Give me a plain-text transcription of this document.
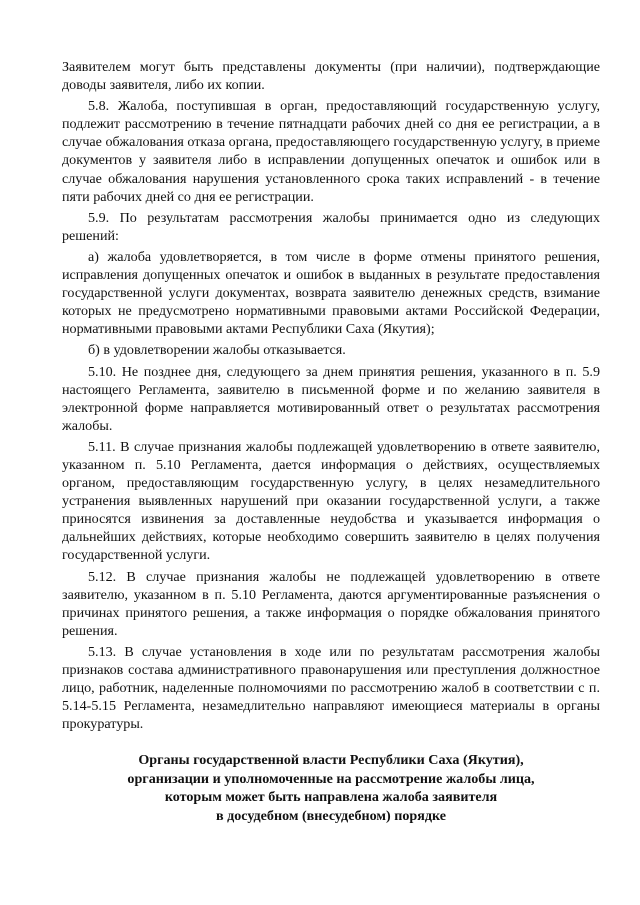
Заявителем могут быть представлены документы (при наличии), подтверждающие доводы заявителя, либо их копии.

5.8. Жалоба, поступившая в орган, предоставляющий государственную услугу, подлежит рассмотрению в течение пятнадцати рабочих дней со дня ее регистрации, а в случае обжалования отказа органа, предоставляющего государственную услугу, в приеме документов у заявителя либо в исправлении допущенных опечаток и ошибок или в случае обжалования нарушения установленного срока таких исправлений - в течение пяти рабочих дней со дня ее регистрации.

5.9. По результатам рассмотрения жалобы принимается одно из следующих решений:

а) жалоба удовлетворяется, в том числе в форме отмены принятого решения, исправления допущенных опечаток и ошибок в выданных в результате предоставления государственной услуги документах, возврата заявителю денежных средств, взимание которых не предусмотрено нормативными правовыми актами Российской Федерации, нормативными правовыми актами Республики Саха (Якутия);

б) в удовлетворении жалобы отказывается.

5.10. Не позднее дня, следующего за днем принятия решения, указанного в п. 5.9 настоящего Регламента, заявителю в письменной форме и по желанию заявителя в электронной форме направляется мотивированный ответ о результатах рассмотрения жалобы.

5.11. В случае признания жалобы подлежащей удовлетворению в ответе заявителю, указанном п. 5.10 Регламента, дается информация о действиях, осуществляемых органом, предоставляющим государственную услугу, в целях незамедлительного устранения выявленных нарушений при оказании государственной услуги, а также приносятся извинения за доставленные неудобства и указывается информация о дальнейших действиях, которые необходимо совершить заявителю в целях получения государственной услуги.

5.12. В случае признания жалобы не подлежащей удовлетворению в ответе заявителю, указанном в п. 5.10 Регламента, даются аргументированные разъяснения о причинах принятого решения, а также информация о порядке обжалования принятого решения.

5.13. В случае установления в ходе или по результатам рассмотрения жалобы признаков состава административного правонарушения или преступления должностное лицо, работник, наделенные полномочиями по рассмотрению жалоб в соответствии с п. 5.14-5.15 Регламента, незамедлительно направляют имеющиеся материалы в органы прокуратуры.

Органы государственной власти Республики Саха (Якутия),
организации и уполномоченные на рассмотрение жалобы лица,
которым может быть направлена жалоба заявителя
в досудебном (внесудебном) порядке
